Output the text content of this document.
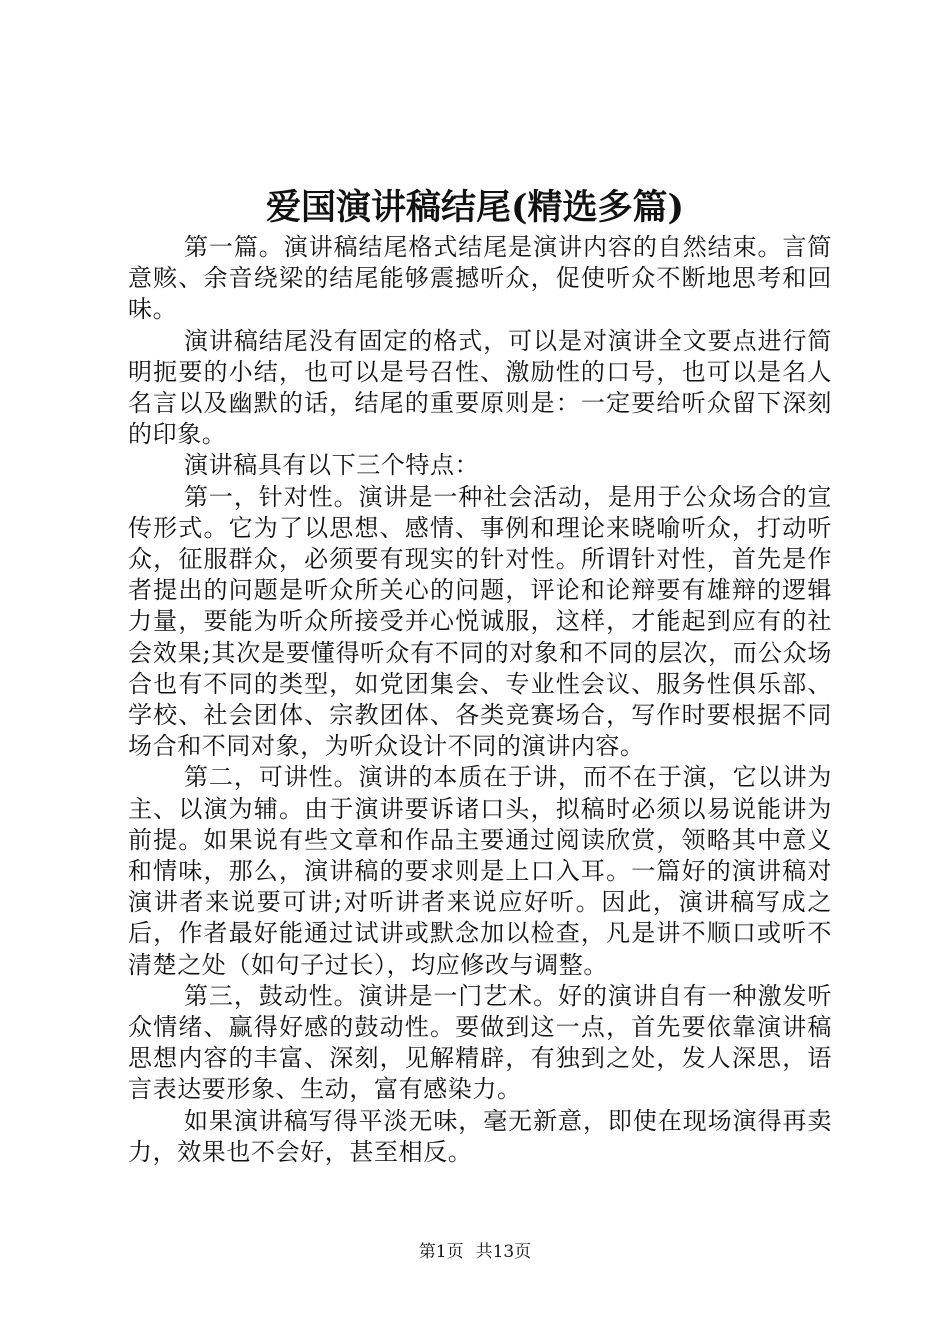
爱国演讲稿结尾(精选多篇)

第一篇。演讲稿结尾格式结尾是演讲内容的自然结束。言简意赅、余音绕梁的结尾能够震撼听众，促使听众不断地思考和回味。

演讲稿结尾没有固定的格式，可以是对演讲全文要点进行简明扼要的小结，也可以是号召性、激励性的口号，也可以是名人名言以及幽默的话，结尾的重要原则是：一定要给听众留下深刻的印象。

演讲稿具有以下三个特点：

第一，针对性。演讲是一种社会活动，是用于公众场合的宣传形式。它为了以思想、感情、事例和理论来晓喻听众，打动听众，征服群众，必须要有现实的针对性。所谓针对性，首先是作者提出的问题是听众所关心的问题，评论和论辩要有雄辩的逻辑力量，要能为听众所接受并心悦诚服，这样，才能起到应有的社会效果;其次是要懂得听众有不同的对象和不同的层次，而公众场合也有不同的类型，如党团集会、专业性会议、服务性俱乐部、学校、社会团体、宗教团体、各类竞赛场合，写作时要根据不同场合和不同对象，为听众设计不同的演讲内容。

第二，可讲性。演讲的本质在于讲，而不在于演，它以讲为主、以演为辅。由于演讲要诉诸口头，拟稿时必须以易说能讲为前提。如果说有些文章和作品主要通过阅读欣赏，领略其中意义和情味，那么，演讲稿的要求则是上口入耳。一篇好的演讲稿对演讲者来说要可讲;对听讲者来说应好听。因此，演讲稿写成之后，作者最好能通过试讲或默念加以检查，凡是讲不顺口或听不清楚之处（如句子过长），均应修改与调整。

第三，鼓动性。演讲是一门艺术。好的演讲自有一种激发听众情绪、赢得好感的鼓动性。要做到这一点，首先要依靠演讲稿思想内容的丰富、深刻，见解精辟，有独到之处，发人深思，语言表达要形象、生动，富有感染力。

如果演讲稿写得平淡无味，毫无新意，即使在现场演得再卖力，效果也不会好，甚至相反。

第1页 共13页
